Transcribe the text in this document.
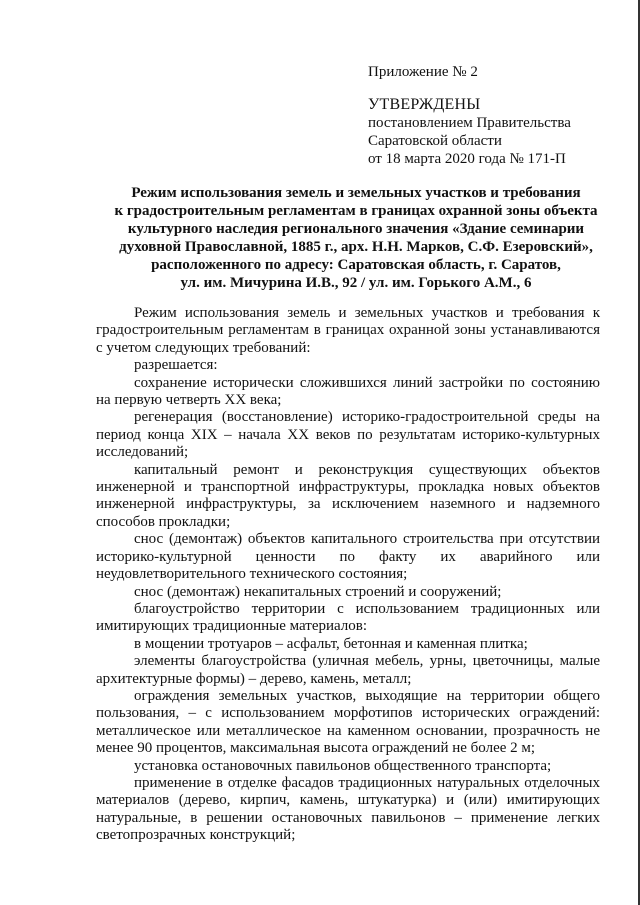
Приложение № 2

УТВЕРЖДЕНЫ
постановлением Правительства
Саратовской области
от 18 марта 2020 года № 171-П
Режим использования земель и земельных участков и требования
к градостроительным регламентам в границах охранной зоны объекта
культурного наследия регионального значения «Здание семинарии
духовной Православной, 1885 г., арх. Н.Н. Марков, С.Ф. Езеровский»,
расположенного по адресу: Саратовская область, г. Саратов,
ул. им. Мичурина И.В., 92 / ул. им. Горького А.М., 6

Режим использования земель и земельных участков и требования к градостроительным регламентам в границах охранной зоны устанавливаются с учетом следующих требований:

разрешается:

сохранение исторически сложившихся линий застройки по состоянию на первую четверть XX века;

регенерация (восстановление) историко-градостроительной среды на период конца XIX – начала XX веков по результатам историко-культурных исследований;

капитальный ремонт и реконструкция существующих объектов инженерной и транспортной инфраструктуры, прокладка новых объектов инженерной инфраструктуры, за исключением наземного и надземного способов прокладки;

снос (демонтаж) объектов капитального строительства при отсутствии историко-культурной ценности по факту их аварийного или неудовлетворительного технического состояния;

снос (демонтаж) некапитальных строений и сооружений;

благоустройство территории с использованием традиционных или имитирующих традиционные материалов:

в мощении тротуаров – асфальт, бетонная и каменная плитка;

элементы благоустройства (уличная мебель, урны, цветочницы, малые архитектурные формы) – дерево, камень, металл;

ограждения земельных участков, выходящие на территории общего пользования, – с использованием морфотипов исторических ограждений: металлическое или металлическое на каменном основании, прозрачность не менее 90 процентов, максимальная высота ограждений не более 2 м;

установка остановочных павильонов общественного транспорта;

применение в отделке фасадов традиционных натуральных отделочных материалов (дерево, кирпич, камень, штукатурка) и (или) имитирующих натуральные, в решении остановочных павильонов – применение легких светопрозрачных конструкций;
